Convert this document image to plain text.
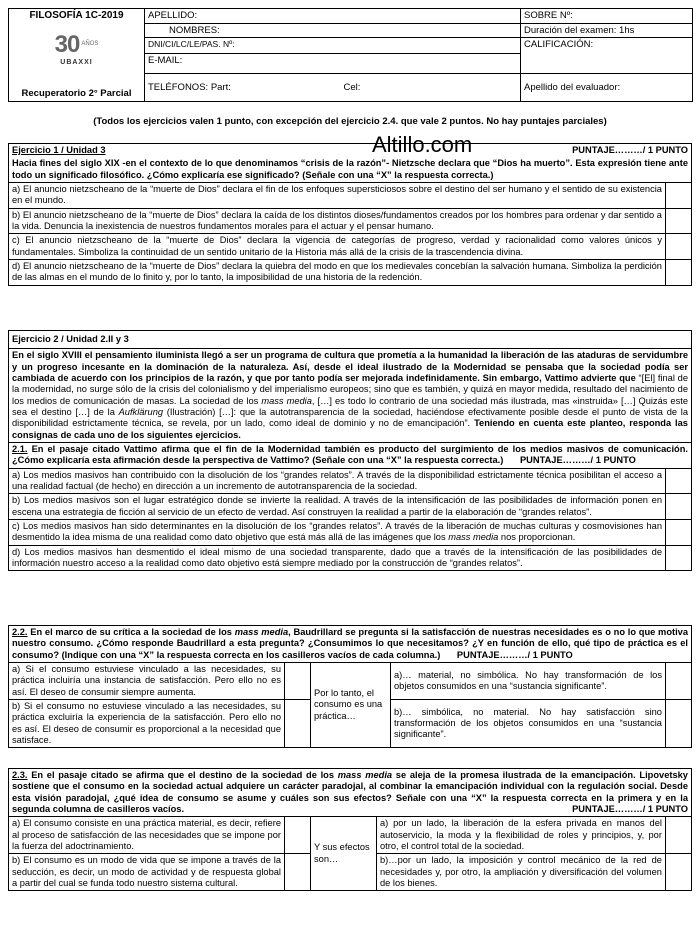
FILOSOFÍA 1C-2019
30 AÑOS
UBAXXI
Recuperatorio 2° Parcial	APELLIDO:	SOBRE Nº:
	NOMBRES:	Duración del examen: 1hs
	DNI/CI/LC/LE/PAS. Nº:	CALIFICACIÓN:
	E-MAIL:	
	TELÉFONOS: Part: Cel:	Apellido del evaluador:
(Todos los ejercicios valen 1 punto, con excepción del ejercicio 2.4. que vale 2 puntos. No hay puntajes parciales)
Altillo.com
Ejercicio 1 / Unidad 3 PUNTAJE………/ 1 PUNTO	

Hacia fines del siglo XIX -en el contexto de lo que denominamos “crisis de la razón”- Nietzsche declara que “Dios ha muerto”. Esta expresión tiene ante todo un significado filosófico. ¿Cómo explicaría ese significado? (Señale con una “X” la respuesta correcta.)	
a) El anuncio nietzscheano de la “muerte de Dios” declara el fin de los enfoques supersticiosos sobre el destino del ser humano y el sentido de su existencia en el mundo.	
b) El anuncio nietzscheano de la “muerte de Dios” declara la caída de los distintos dioses/fundamentos creados por los hombres para ordenar y dar sentido a la vida. Denuncia la inexistencia de nuestros fundamentos morales para el actuar y el pensar humano.	
c) El anuncio nietzscheano de la “muerte de Dios” declara la vigencia de categorías de progreso, verdad y racionalidad como valores únicos y fundamentales. Simboliza la continuidad de un sentido unitario de la Historia más allá de la crisis de la trascendencia divina.	
d) El anuncio nietzscheano de la “muerte de Dios” declara la quiebra del modo en que los medievales concebían la salvación humana. Simboliza la perdición de las almas en el mundo de lo finito y, por lo tanto, la imposibilidad de una historia de la redención.	
Ejercicio 2 / Unidad 2.II y 3	
En el siglo XVIII el pensamiento iluminista llegó a ser un programa de cultura que prometía a la humanidad la liberación de las ataduras de servidumbre y un progreso incesante en la dominación de la naturaleza. Así, desde el ideal ilustrado de la Modernidad se pensaba que la sociedad podía ser cambiada de acuerdo con los principios de la razón, y que por tanto podía ser mejorada indefinidamente. Sin embargo, Vattimo advierte que “[El] final de la modernidad, no surge sólo de la crisis del colonialismo y del imperialismo europeos; sino que es también, y quizá en mayor medida, resultado del nacimiento de los medios de comunicación de masas. La sociedad de los mass media, […] es todo lo contrario de una sociedad más ilustrada, mas «instruida» […] Quizás este sea el destino […] de la Aufklärung (Ilustración) […]: que la autotransparencia de la sociedad, haciéndose efectivamente posible desde el punto de vista de la disponibilidad estrictamente técnica, se revela, por un lado, como ideal de dominio y no de emancipación”. Teniendo en cuenta este planteo, responda las consignas de cada uno de los siguientes ejercicios.	
2.1. En el pasaje citado Vattimo afirma que el fin de la Modernidad también es producto del surgimiento de los medios masivos de comunicación. ¿Cómo explicaría esta afirmación desde la perspectiva de Vattimo? (Señale con una “X” la respuesta correcta.) PUNTAJE………/ 1 PUNTO	
a) Los medios masivos han contribuido con la disolución de los “grandes relatos”. A través de la disponibilidad estrictamente técnica posibilitan el acceso a una realidad factual (de hecho) en dirección a un incremento de autotransparencia de la sociedad.	
b) Los medios masivos son el lugar estratégico donde se invierte la realidad. A través de la intensificación de las posibilidades de información ponen en escena una estrategia de ficción al servicio de un efecto de verdad. Así construyen la realidad a partir de la elaboración de “grandes relatos”.	
c) Los medios masivos han sido determinantes en la disolución de los “grandes relatos”. A través de la liberación de muchas culturas y cosmovisiones han desmentido la idea misma de una realidad como dato objetivo que está más allá de las imágenes que los mass media nos proporcionan.	
d) Los medios masivos han desmentido el ideal mismo de una sociedad transparente, dado que a través de la intensificación de las posibilidades de información nuestro acceso a la realidad como dato objetivo está siempre mediado por la construcción de “grandes relatos”.	
2.2. En el marco de su crítica a la sociedad de los mass media, Baudrillard se pregunta si la satisfacción de nuestras necesidades es o no lo que motiva nuestro consumo. ¿Cómo responde Baudrillard a esta pregunta? ¿Consumimos lo que necesitamos? ¿Y en función de ello, qué tipo de práctica es el consumo? (Indique con una “X” la respuesta correcta en los casilleros vacíos de cada columna.) PUNTAJE………/ 1 PUNTO				
a) Si el consumo estuviese vinculado a las necesidades, su práctica incluiría una instancia de satisfacción. Pero ello no es así. El deseo de consumir siempre aumenta.		Por lo tanto, el consumo es una práctica…	a)… material, no simbólica. No hay transformación de los objetos consumidos en una “sustancia significante”.	
b) Si el consumo no estuviese vinculado a las necesidades, su práctica excluiría la experiencia de la satisfacción. Pero ello no es así. El deseo de consumir es proporcional a la necesidad que satisface.			b)… simbólica, no material. No hay satisfacción sino transformación de los objetos consumidos en una “sustancia significante”.	
2.3. En el pasaje citado se afirma que el destino de la sociedad de los mass media se aleja de la promesa ilustrada de la emancipación. Lipovetsky sostiene que el consumo en la sociedad actual adquiere un carácter paradojal, al combinar la emancipación individual con la regulación social. Desde esta visión paradojal, ¿qué idea de consumo se asume y cuáles son sus efectos? Señale con una “X” la respuesta correcta en la primera y en la segunda columna de casilleros vacíos. PUNTAJE………/ 1 PUNTO				

a) El consumo consiste en una práctica material, es decir, refiere al proceso de satisfacción de las necesidades que se impone por la fuerza del adoctrinamiento.		Y sus efectos son…	a) por un lado, la liberación de la esfera privada en manos del autoservicio, la moda y la flexibilidad de roles y principios, y, por otro, el control total de la sociedad.	
b) El consumo es un modo de vida que se impone a través de la seducción, es decir, un modo de actividad y de respuesta global a partir del cual se funda todo nuestro sistema cultural.			b)…por un lado, la imposición y control mecánico de la red de necesidades y, por otro, la ampliación y diversificación del volumen de los bienes.	
